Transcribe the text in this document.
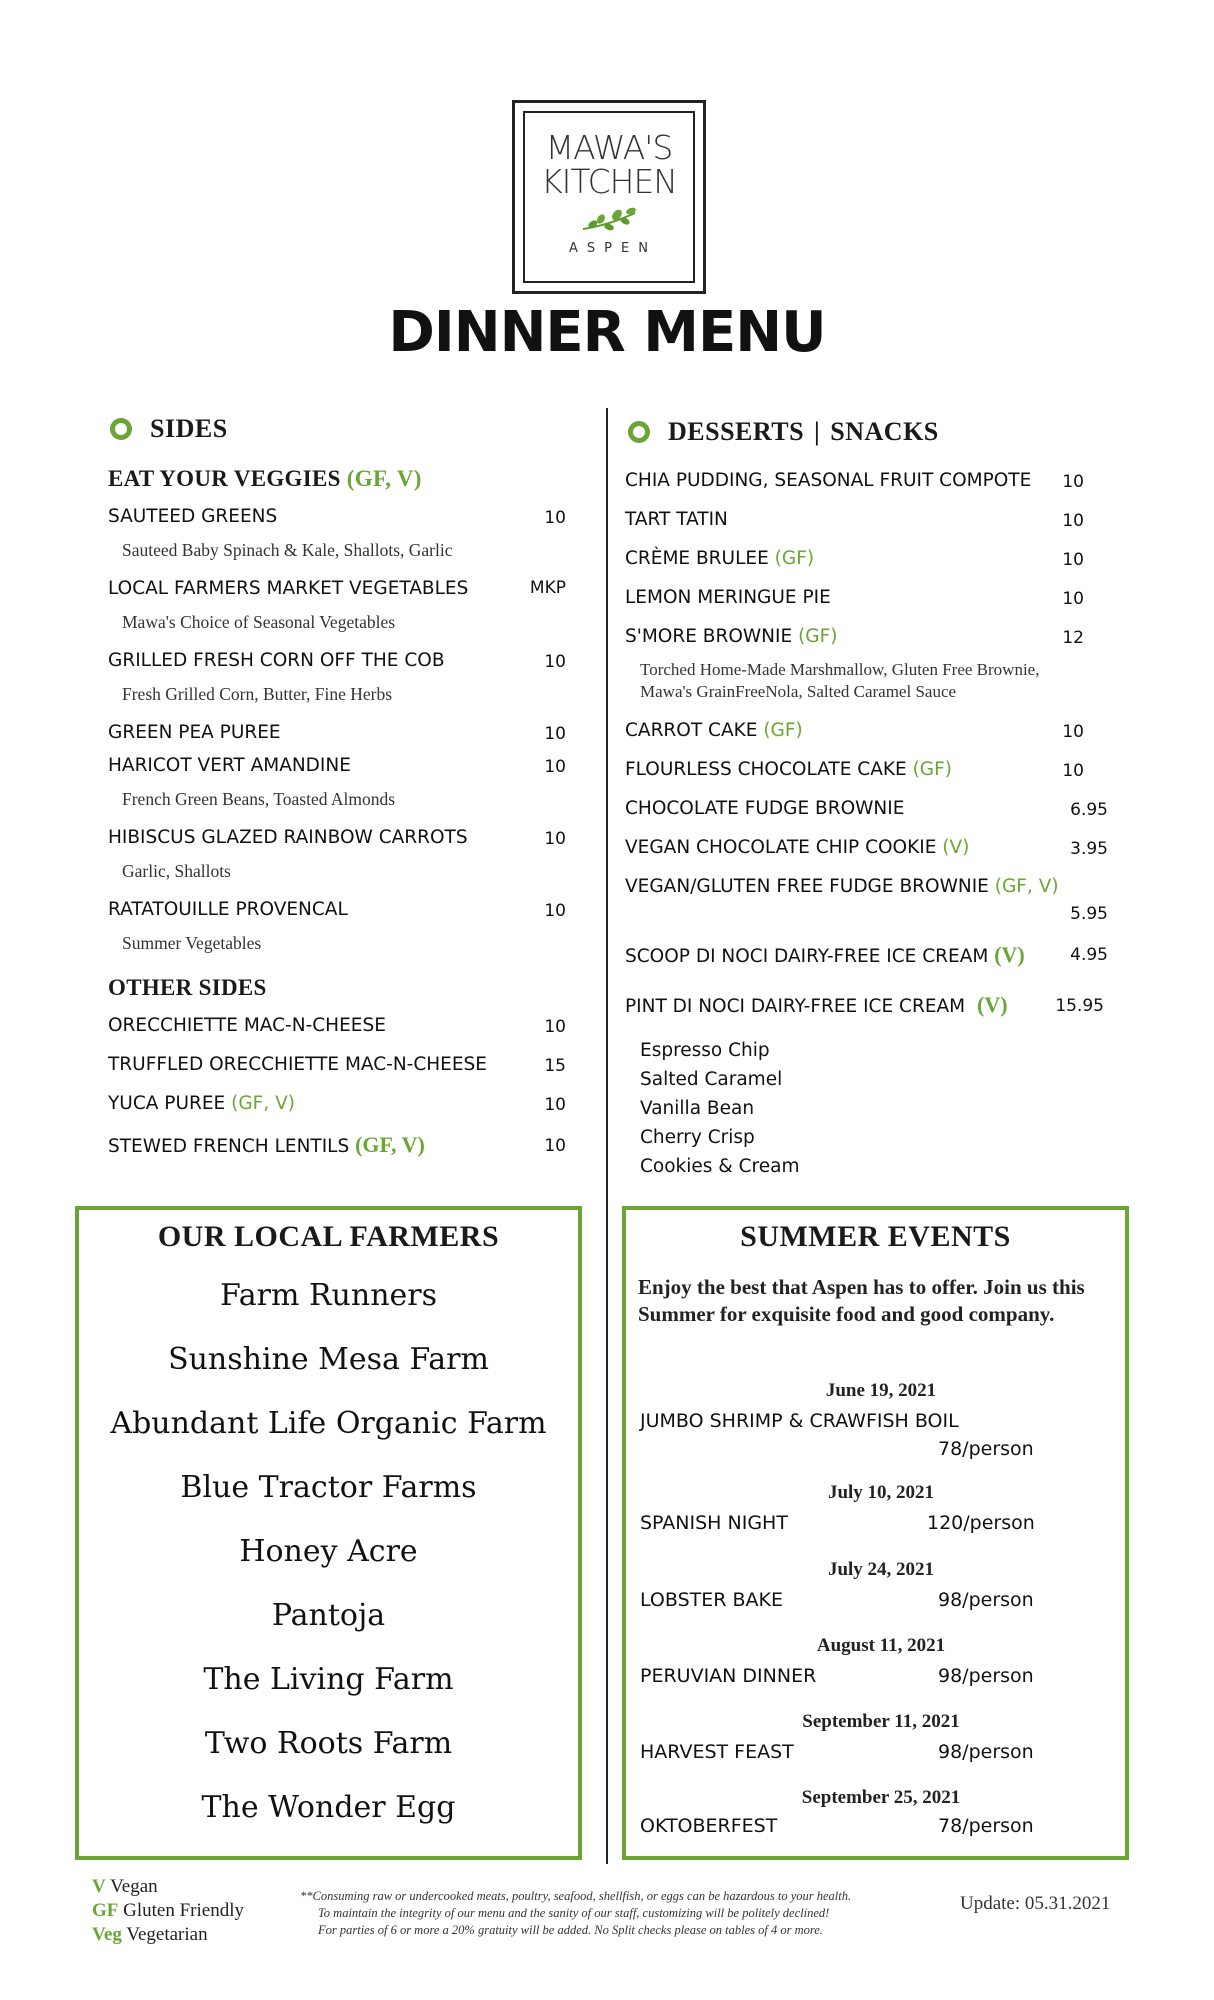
MAWA'S
KITCHEN
ASPEN
DINNER MENU
SIDES
EAT YOUR VEGGIES (GF, V)
SAUTEED GREENS	10
Sauteed Baby Spinach & Kale, Shallots, Garlic
LOCAL FARMERS MARKET VEGETABLES	MKP
Mawa's Choice of Seasonal Vegetables
GRILLED FRESH CORN OFF THE COB	10
Fresh Grilled Corn, Butter, Fine Herbs
GREEN PEA PUREE	10
HARICOT VERT AMANDINE	10
French Green Beans, Toasted Almonds
HIBISCUS GLAZED RAINBOW CARROTS	10
Garlic, Shallots
RATATOUILLE PROVENCAL	10
Summer Vegetables
OTHER SIDES
ORECCHIETTE MAC-N-CHEESE	10
TRUFFLED ORECCHIETTE MAC-N-CHEESE	15
YUCA PUREE (GF, V)	10
STEWED FRENCH LENTILS (GF, V)	10
DESSERTS | SNACKS
CHIA PUDDING, SEASONAL FRUIT COMPOTE 10
TART TATIN	10
CRÈME BRULEE (GF)	10
LEMON MERINGUE PIE	10
S'MORE BROWNIE (GF)	12
Torched Home-Made Marshmallow, Gluten Free Brownie,
Mawa's GrainFreeNola, Salted Caramel Sauce
CARROT CAKE (GF)	10
FLOURLESS CHOCOLATE CAKE (GF)	10
CHOCOLATE FUDGE BROWNIE	6.95
VEGAN CHOCOLATE CHIP COOKIE (V)	3.95
VEGAN/GLUTEN FREE FUDGE BROWNIE (GF, V)
5.95
SCOOP DI NOCI DAIRY-FREE ICE CREAM (V)	4.95
PINT DI NOCI DAIRY-FREE ICE CREAM (V)	15.95
Espresso Chip
Salted Caramel
Vanilla Bean
Cherry Crisp
Cookies & Cream
OUR LOCAL FARMERS
Farm Runners
Sunshine Mesa Farm
Abundant Life Organic Farm
Blue Tractor Farms
Honey Acre
Pantoja
The Living Farm
Two Roots Farm
The Wonder Egg
SUMMER EVENTS
Enjoy the best that Aspen has to offer. Join us this Summer for exquisite food and good company.
June 19, 2021
JUMBO SHRIMP & CRAWFISH BOIL
78/person
July 10, 2021
SPANISH NIGHT	120/person
July 24, 2021
LOBSTER BAKE	98/person
August 11, 2021
PERUVIAN DINNER	98/person
September 11, 2021
HARVEST FEAST	98/person
September 25, 2021
OKTOBERFEST	78/person
V Vegan
GF Gluten Friendly
Veg Vegetarian
**Consuming raw or undercooked meats, poultry, seafood, shellfish, or eggs can be hazardous to your health.
To maintain the integrity of our menu and the sanity of our staff, customizing will be politely declined!
For parties of 6 or more a 20% gratuity will be added. No Split checks please on tables of 4 or more.
Update: 05.31.2021
